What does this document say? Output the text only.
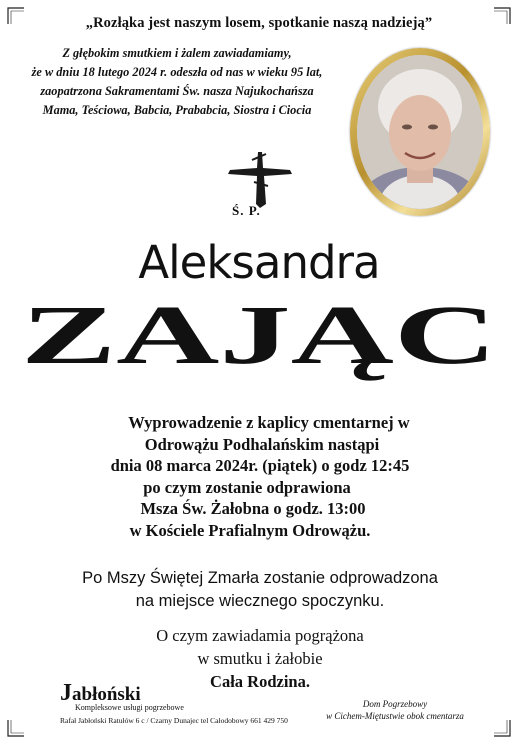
„Rozłąka jest naszym losem, spotkanie naszą nadzieją”
Z głębokim smutkiem i żalem zawiadamiamy,
że w dniu 18 lutego 2024 r. odeszła od nas w wieku 95 lat,
zaopatrzona Sakramentami Św. nasza Najukochańsza
Mama, Teściowa, Babcia, Prababcia, Siostra i Ciocia
Ś. P.
Aleksandra
ZAJĄC
Wyprowadzenie z kaplicy cmentarnej w
Odrowążu Podhalańskim nastąpi
dnia 08 marca 2024r. (piątek) o godz 12:45
po czym zostanie odprawiona
Msza Św. Żałobna o godz. 13:00
w Kościele Prafialnym Odrowążu.
Po Mszy Świętej Zmarła zostanie odprowadzona
na miejsce wiecznego spoczynku.
O czym zawiadamia pogrążona
w smutku i żałobie
Cała Rodzina.
Jabłoński
Kompleksowe usługi pogrzebowe
Rafał Jabłoński Ratułów 6 c / Czarny Dunajec tel Całodobowy 661 429 750
Dom Pogrzebowy
w Cichem-Miętustwie obok cmentarza
